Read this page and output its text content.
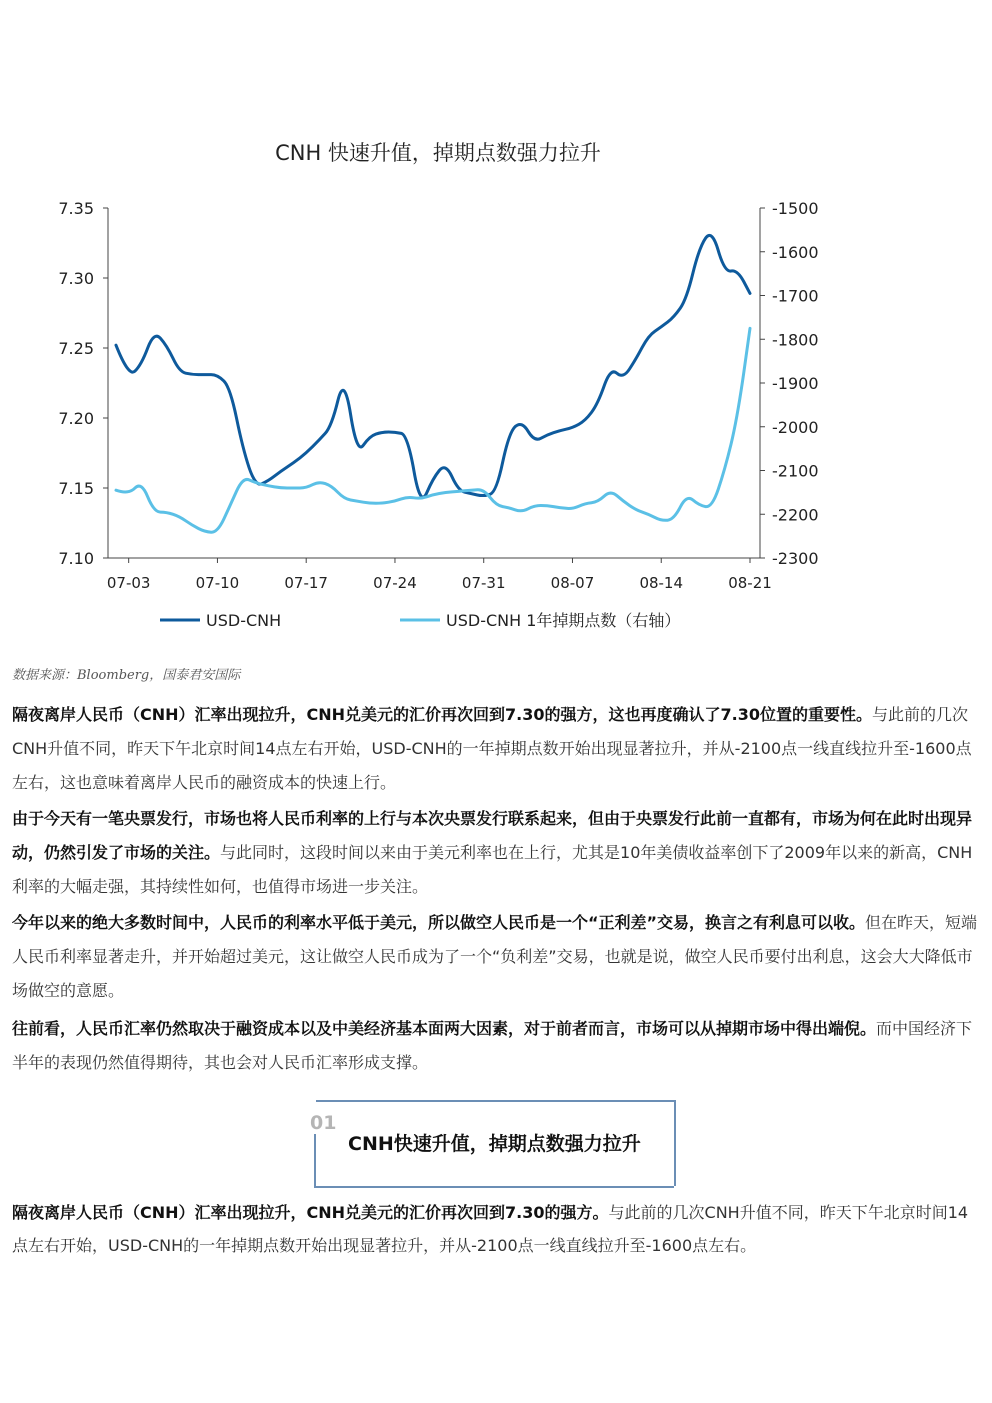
CNH 快速升值，掉期点数强力拉升
7.10
7.15
7.20
7.25
7.30
7.35	-1500
-1600
-1700
-1800
-1900
-2000
-2100
-2200
-2300
07-03	07-10	07-17	07-24	07-31	08-07	08-14	08-21
USD-CNH	USD-CNH 1年掉期点数（右轴）
数据来源：Bloomberg，国泰君安国际

隔夜离岸人民币（CNH）汇率出现拉升，CNH兑美元的汇价再次回到7.30的强方，这也再度确认了7.30位置的重要性。与此前的几次CNH升值不同，昨天下午北京时间14点左右开始，USD-CNH的一年掉期点数开始出现显著拉升，并从-2100点一线直线拉升至-1600点左右，这也意味着离岸人民币的融资成本的快速上行。

由于今天有一笔央票发行，市场也将人民币利率的上行与本次央票发行联系起来，但由于央票发行此前一直都有，市场为何在此时出现异动，仍然引发了市场的关注。与此同时，这段时间以来由于美元利率也在上行，尤其是10年美债收益率创下了2009年以来的新高，CNH利率的大幅走强，其持续性如何，也值得市场进一步关注。

今年以来的绝大多数时间中，人民币的利率水平低于美元，所以做空人民币是一个“正利差”交易，换言之有利息可以收。但在昨天，短端人民币利率显著走升，并开始超过美元，这让做空人民币成为了一个“负利差”交易，也就是说，做空人民币要付出利息，这会大大降低市场做空的意愿。

往前看，人民币汇率仍然取决于融资成本以及中美经济基本面两大因素，对于前者而言，市场可以从掉期市场中得出端倪。而中国经济下半年的表现仍然值得期待，其也会对人民币汇率形成支撑。

01
CNH快速升值，掉期点数强力拉升

隔夜离岸人民币（CNH）汇率出现拉升，CNH兑美元的汇价再次回到7.30的强方。与此前的几次CNH升值不同，昨天下午北京时间14点左右开始，USD-CNH的一年掉期点数开始出现显著拉升，并从-2100点一线直线拉升至-1600点左右。
